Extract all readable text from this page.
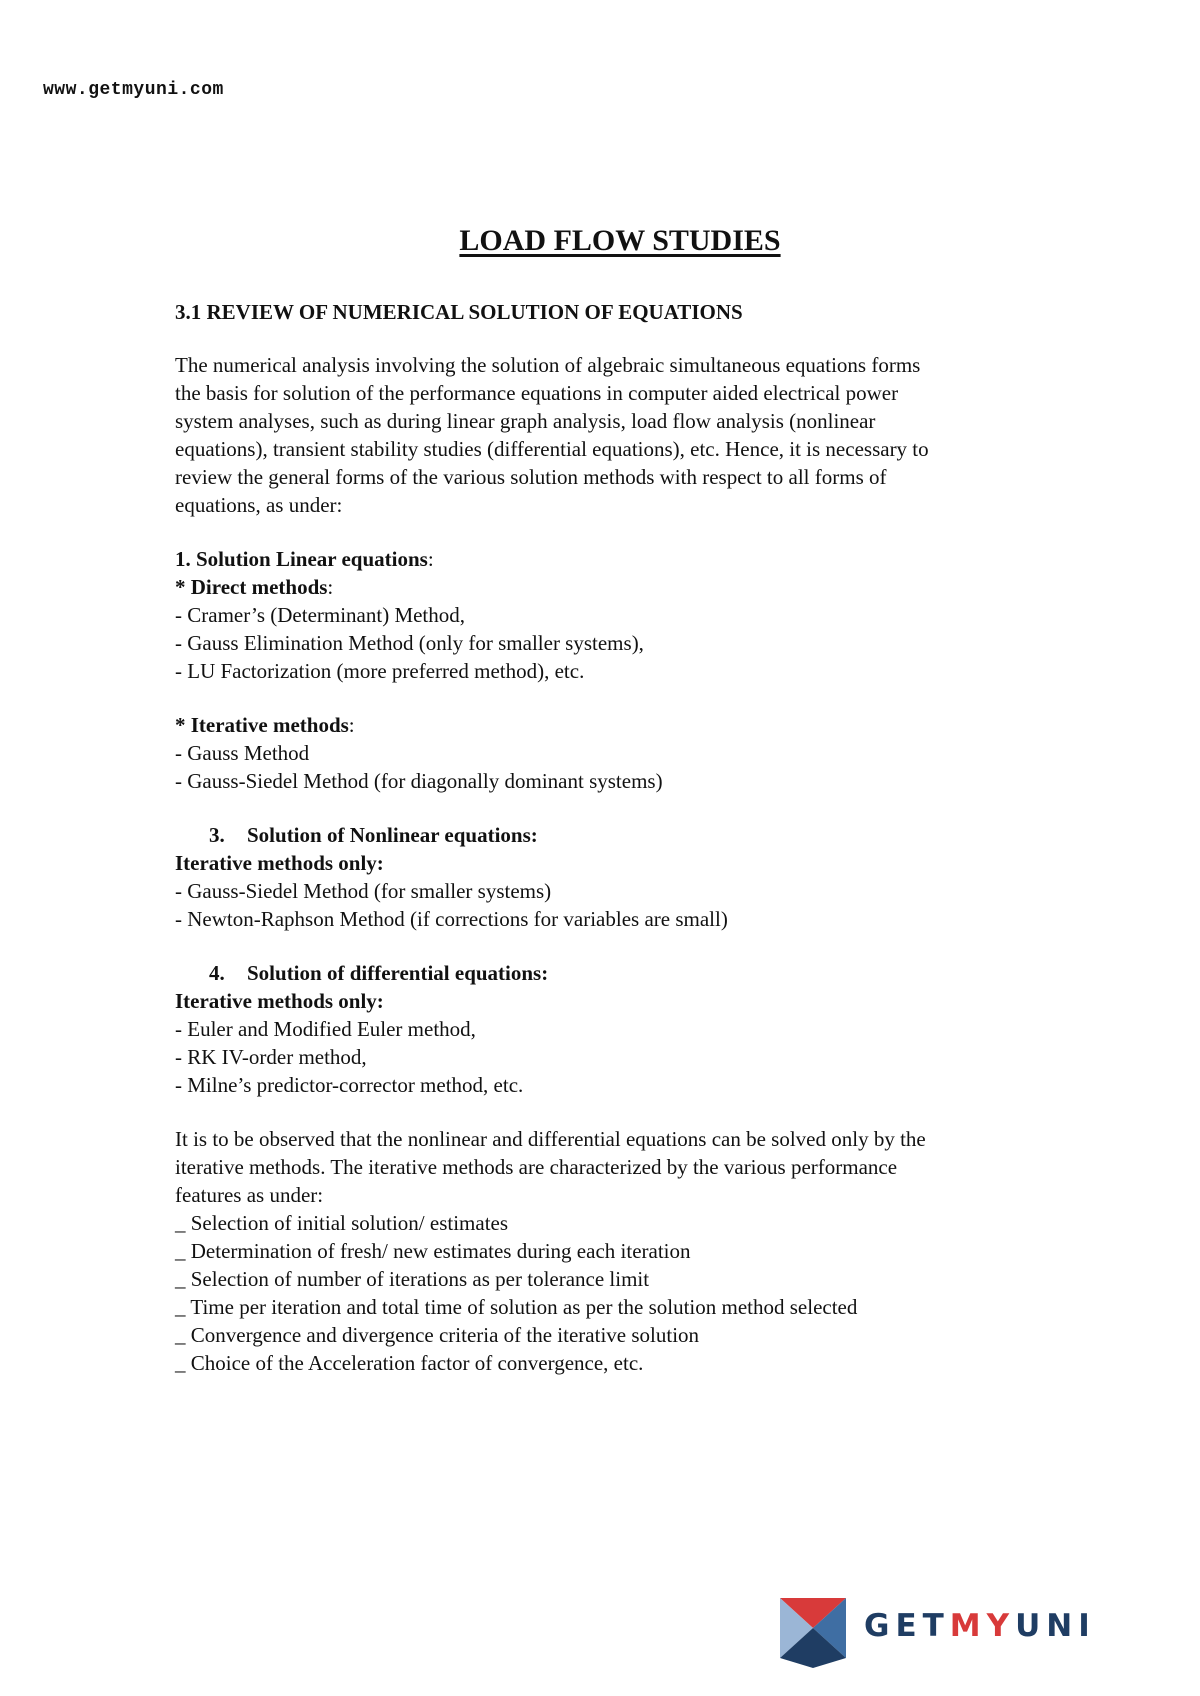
www.getmyuni.com
LOAD FLOW STUDIES
3.1 REVIEW OF NUMERICAL SOLUTION OF EQUATIONS
The numerical analysis involving the solution of algebraic simultaneous equations forms
the basis for solution of the performance equations in computer aided electrical power
system analyses, such as during linear graph analysis, load flow analysis (nonlinear
equations), transient stability studies (differential equations), etc. Hence, it is necessary to
review the general forms of the various solution methods with respect to all forms of
equations, as under:
1. Solution Linear equations:
* Direct methods:
- Cramer’s (Determinant) Method,
- Gauss Elimination Method (only for smaller systems),
- LU Factorization (more preferred method), etc.
* Iterative methods:
- Gauss Method
- Gauss-Siedel Method (for diagonally dominant systems)
3. Solution of Nonlinear equations:
Iterative methods only:
- Gauss-Siedel Method (for smaller systems)
- Newton-Raphson Method (if corrections for variables are small)
4. Solution of differential equations:
Iterative methods only:
- Euler and Modified Euler method,
- RK IV-order method,
- Milne’s predictor-corrector method, etc.
It is to be observed that the nonlinear and differential equations can be solved only by the
iterative methods. The iterative methods are characterized by the various performance
features as under:
_ Selection of initial solution/ estimates
_ Determination of fresh/ new estimates during each iteration
_ Selection of number of iterations as per tolerance limit
_ Time per iteration and total time of solution as per the solution method selected
_ Convergence and divergence criteria of the iterative solution
_ Choice of the Acceleration factor of convergence, etc.
GETMYUNI
